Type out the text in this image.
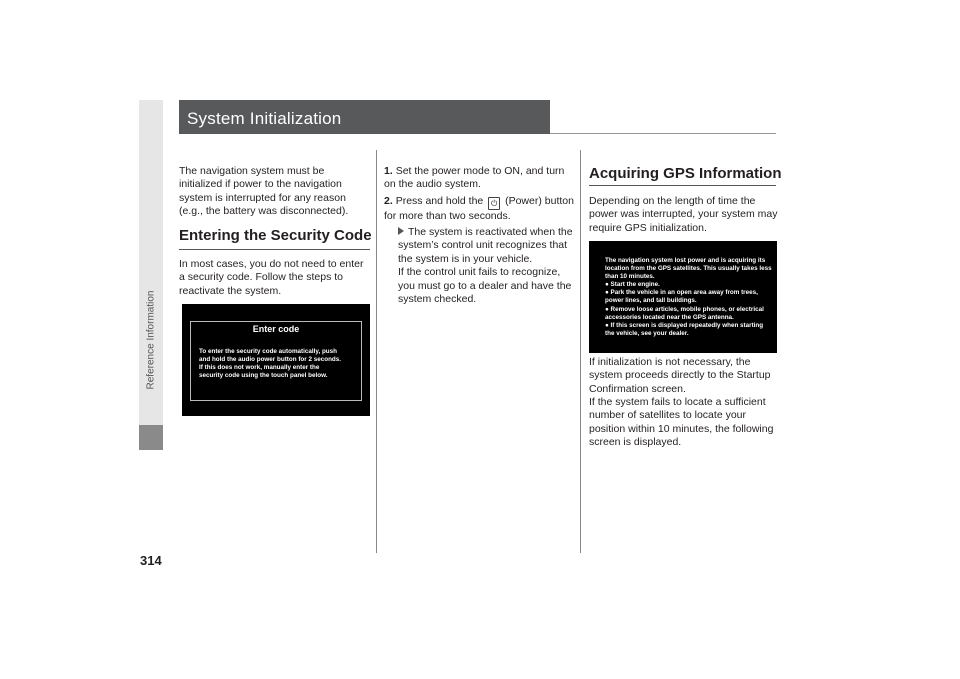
Reference Information
314
System Initialization
The navigation system must be initialized if power to the navigation system is interrupted for any reason (e.g., the battery was disconnected).
Entering the Security Code
In most cases, you do not need to enter a security code. Follow the steps to reactivate the system.
Enter code
To enter the security code automatically, push
and hold the audio power button for 2 seconds.
If this does not work, manually enter the
security code using the touch panel below.
1. Set the power mode to ON, and turn on the audio system.
2. Press and hold the ⏻ (Power) button for more than two seconds.
The system is reactivated when the system’s control unit recognizes that the system is in your vehicle.
If the control unit fails to recognize, you must go to a dealer and have the system checked.
Acquiring GPS Information
Depending on the length of time the power was interrupted, your system may require GPS initialization.
The navigation system lost power and is acquiring its
location from the GPS satellites. This usually takes less
than 10 minutes.
● Start the engine.
● Park the vehicle in an open area away from trees,
power lines, and tall buildings.
● Remove loose articles, mobile phones, or electrical
accessories located near the GPS antenna.
● If this screen is displayed repeatedly when starting
the vehicle, see your dealer.
If initialization is not necessary, the system proceeds directly to the Startup Confirmation screen.
If the system fails to locate a sufficient number of satellites to locate your position within 10 minutes, the following screen is displayed.
